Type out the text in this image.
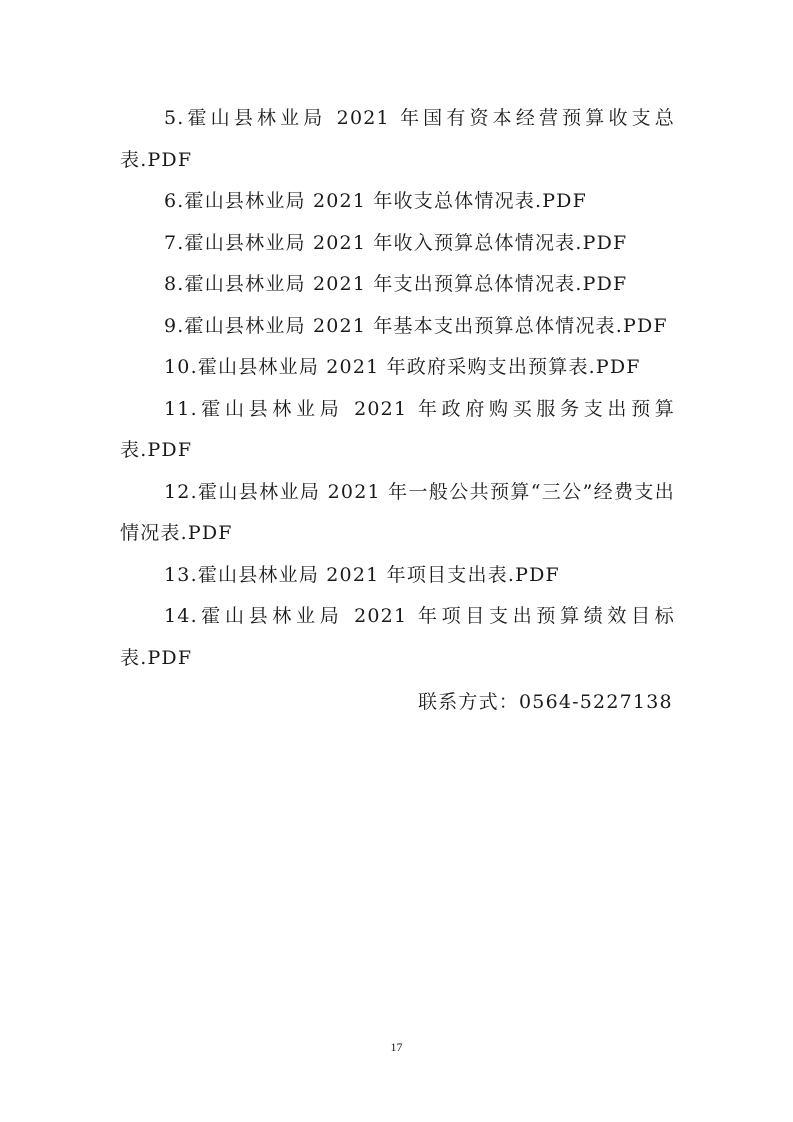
5.霍山县林业局 2021 年国有资本经营预算收支总表.PDF
6.霍山县林业局 2021 年收支总体情况表.PDF
7.霍山县林业局 2021 年收入预算总体情况表.PDF
8.霍山县林业局 2021 年支出预算总体情况表.PDF
9.霍山县林业局 2021 年基本支出预算总体情况表.PDF
10.霍山县林业局 2021 年政府采购支出预算表.PDF
11.霍山县林业局 2021 年政府购买服务支出预算表.PDF
12.霍山县林业局 2021 年一般公共预算“三公”经费支出情况表.PDF
13.霍山县林业局 2021 年项目支出表.PDF
14.霍山县林业局 2021 年项目支出预算绩效目标表.PDF
联系方式：0564-5227138
17
